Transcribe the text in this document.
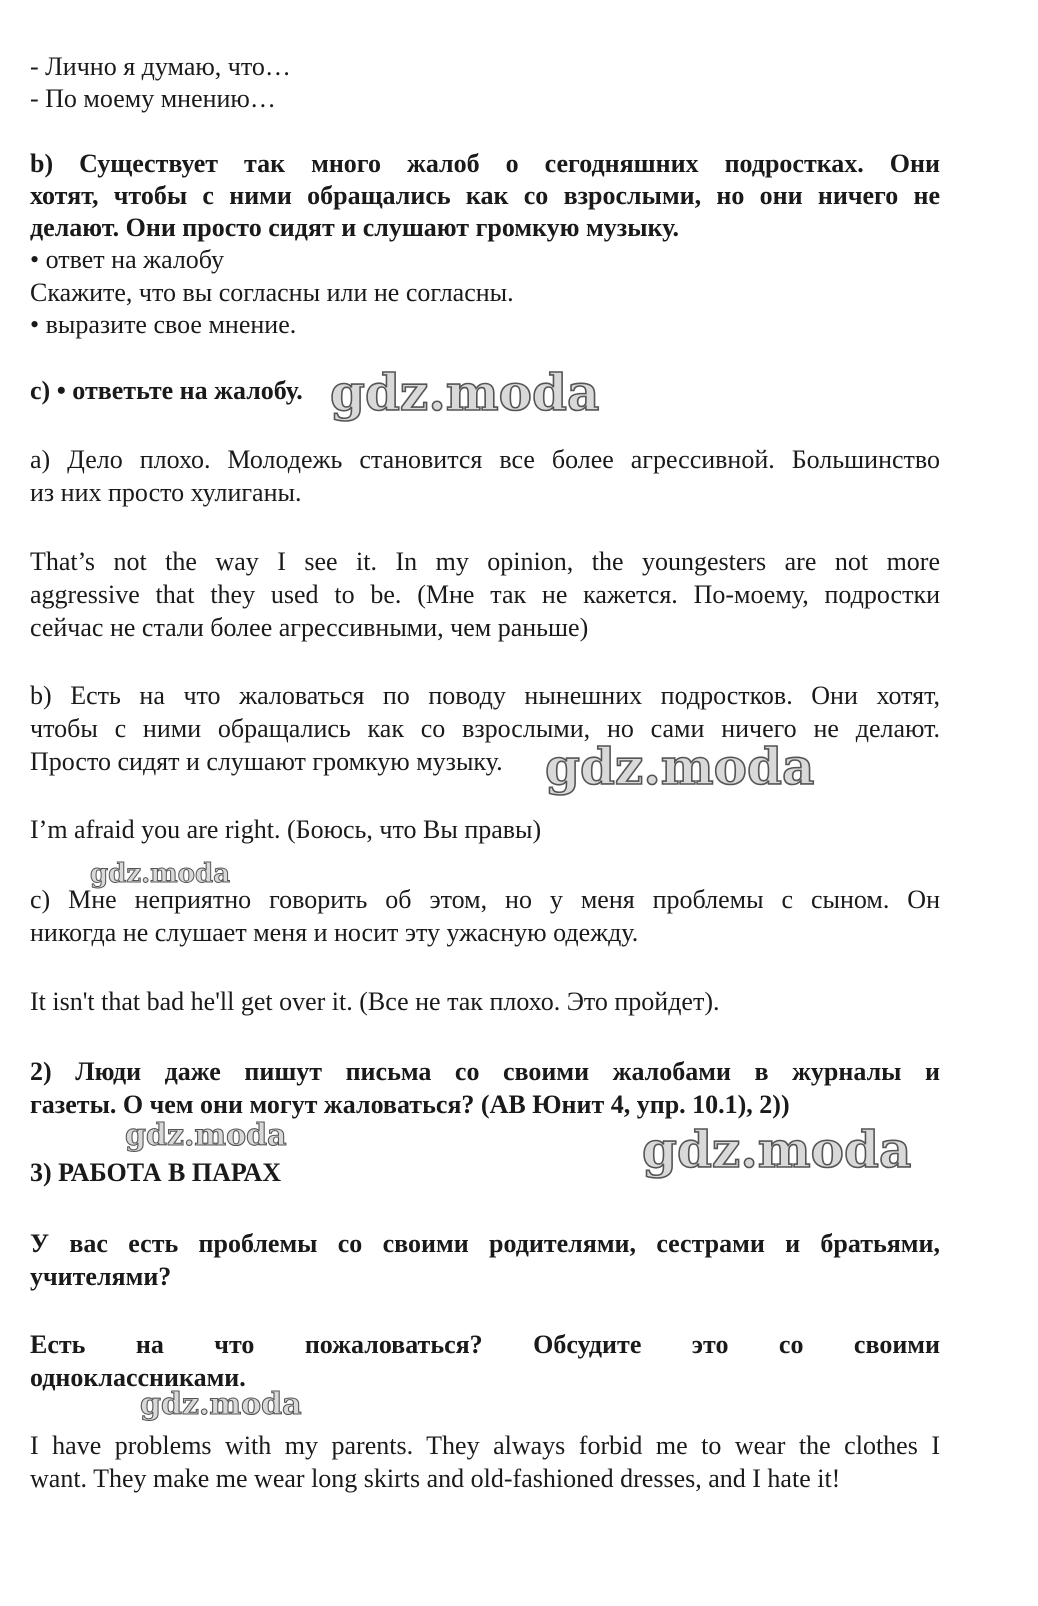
- Лично я думаю, что…
- По моему мнению…
b) Существует так много жалоб о сегодняшних подростках. Они
хотят, чтобы с ними обращались как со взрослыми, но они ничего не
делают. Они просто сидят и слушают громкую музыку.
• ответ на жалобу
Скажите, что вы согласны или не согласны.
• выразите свое мнение.
c) • ответьте на жалобу.
a) Дело плохо. Молодежь становится все более агрессивной. Большинство
из них просто хулиганы.
That’s not the way I see it. In my opinion, the youngesters are not more
aggressive that they used to be. (Мне так не кажется. По-моему, подростки
сейчас не стали более агрессивными, чем раньше)
b) Есть на что жаловаться по поводу нынешних подростков. Они хотят,
чтобы с ними обращались как со взрослыми, но сами ничего не делают.
Просто сидят и слушают громкую музыку.
I’m afraid you are right. (Боюсь, что Вы правы)
c) Мне неприятно говорить об этом, но у меня проблемы с сыном. Он
никогда не слушает меня и носит эту ужасную одежду.
It isn't that bad he'll get over it. (Все не так плохо. Это пройдет).
2) Люди даже пишут письма со своими жалобами в журналы и
газеты. О чем они могут жаловаться? (АВ Юнит 4, упр. 10.1), 2))
3) РАБОТА В ПАРАХ
У вас есть проблемы со своими родителями, сестрами и братьями,
учителями?
Есть на что пожаловаться? Обсудите это со своими
одноклассниками.
I have problems with my parents. They always forbid me to wear the clothes I
want. They make me wear long skirts and old-fashioned dresses, and I hate it!
gdz.moda
gdz.moda
gdz.moda
gdz.moda	gdz.moda
gdz.moda
